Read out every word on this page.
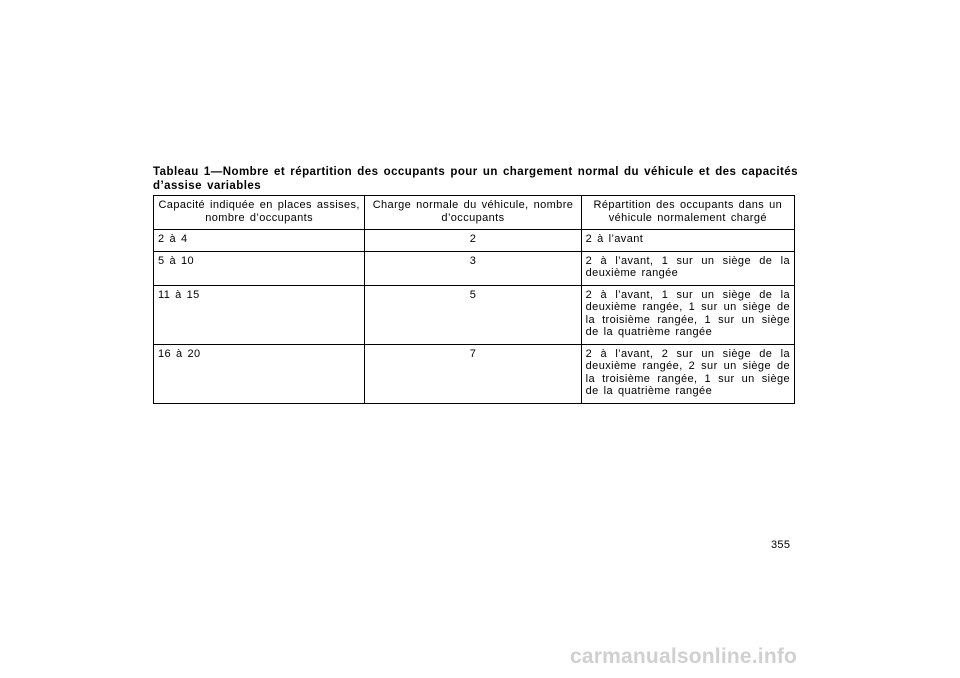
Tableau 1—Nombre et répartition des occupants pour un chargement normal du véhicule et des capacités d’assise variables
Capacité indiquée en places assises, nombre d’occupants	Charge normale du véhicule, nombre d’occupants	Répartition des occupants dans un véhicule normalement chargé
2 à 4	2	2 à l’avant
5 à 10	3	2 à l’avant, 1 sur un siège de la deuxième rangée
11 à 15	5	2 à l’avant, 1 sur un siège de la deuxième rangée, 1 sur un siège de la troisième rangée, 1 sur un siège de la quatrième rangée
16 à 20	7	2 à l’avant, 2 sur un siège de la deuxième rangée, 2 sur un siège de la troisième rangée, 1 sur un siège de la quatrième rangée
355
carmanualsonline.info
